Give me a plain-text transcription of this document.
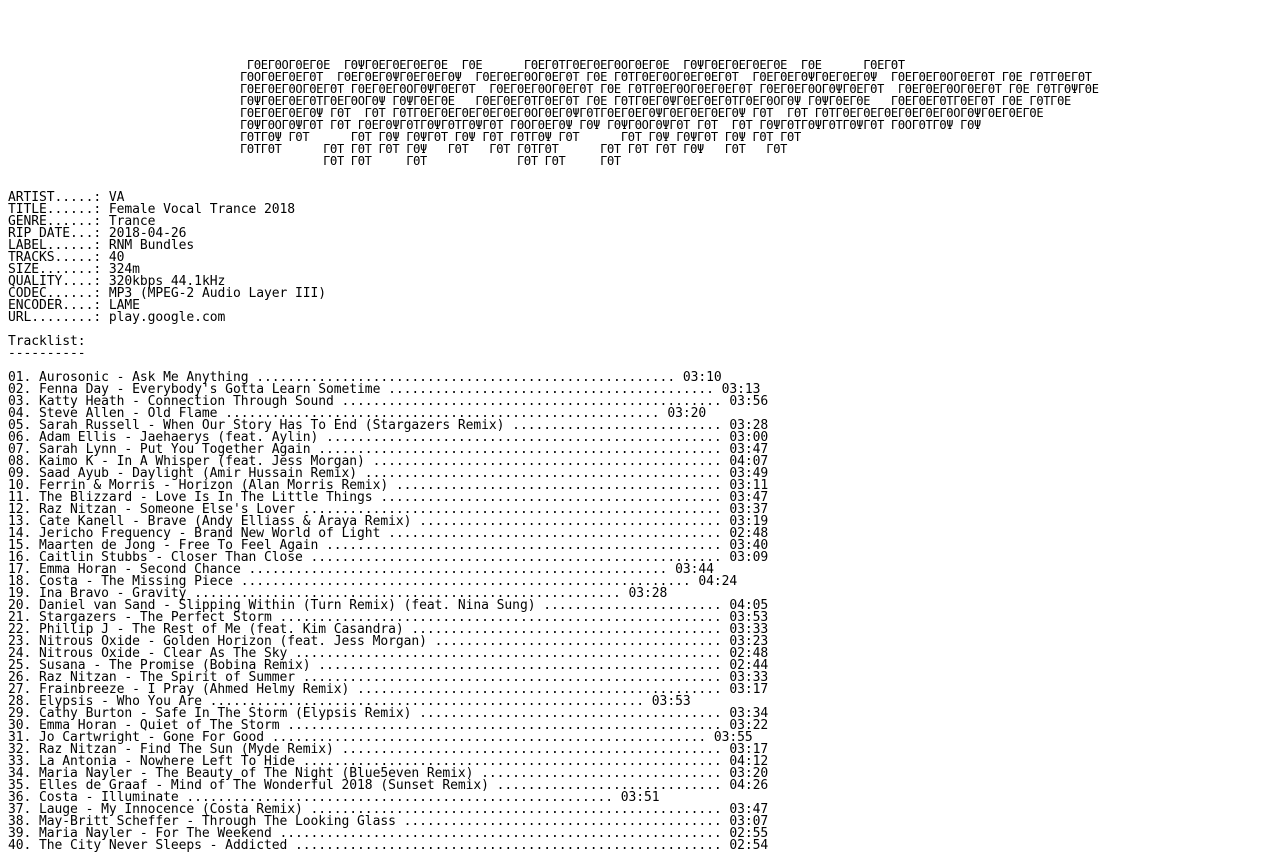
ΓΘΕΓΘΟΓΘΕΓΘΕ  ΓΘΨΓΘΕΓΘΕΓΘΕΓΘΕ  ΓΘΕ      ΓΘΕΓΘΤΓΘΕΓΘΕΓΘΟΓΘΕΓΘΕ  ΓΘΨΓΘΕΓΘΕΓΘΕΓΘΕ  ΓΘΕ      ΓΘΕΓΘΤ
ΓΘΟΓΘΕΓΘΕΓΘΤ  ΓΘΕΓΘΕΓΘΨΓΘΕΓΘΕΓΘΨ  ΓΘΕΓΘΕΓΘΟΓΘΕΓΘΤ ΓΘΕ ΓΘΤΓΘΕΓΘΟΓΘΕΓΘΕΓΘΤ  ΓΘΕΓΘΕΓΘΨΓΘΕΓΘΕΓΘΨ  ΓΘΕΓΘΕΓΘΟΓΘΕΓΘΤ ΓΘΕ ΓΘΤΓΘΕΓΘΤ
ΓΘΕΓΘΕΓΘΟΓΘΕΓΘΤ ΓΘΕΓΘΕΓΘΟΓΘΨΓΘΕΓΘΤ  ΓΘΕΓΘΕΓΘΟΓΘΕΓΘΤ ΓΘΕ ΓΘΤΓΘΕΓΘΟΓΘΕΓΘΕΓΘΤ ΓΘΕΓΘΕΓΘΟΓΘΨΓΘΕΓΘΤ  ΓΘΕΓΘΕΓΘΟΓΘΕΓΘΤ ΓΘΕ ΓΘΤΓΘΨΓΘΕ
ΓΘΨΓΘΕΓΘΕΓΘΤΓΘΕΓΘΟΓΘΨ ΓΘΨΓΘΕΓΘΕ   ΓΘΕΓΘΕΓΘΤΓΘΕΓΘΤ ΓΘΕ ΓΘΤΓΘΕΓΘΨΓΘΕΓΘΕΓΘΤΓΘΕΓΘΟΓΘΨ ΓΘΨΓΘΕΓΘΕ   ΓΘΕΓΘΕΓΘΤΓΘΕΓΘΤ ΓΘΕ ΓΘΤΓΘΕ
ΓΘΕΓΘΕΓΘΕΓΘΨ ΓΘΤ  ΓΘΤ ΓΘΤΓΘΕΓΘΕΓΘΕΓΘΕΓΘΕΓΘΟΓΘΕΓΘΨΓΘΤΓΘΕΓΘΕΓΘΨΓΘΕΓΘΕΓΘΕΓΘΨ ΓΘΤ  ΓΘΤ ΓΘΤΓΘΕΓΘΕΓΘΕΓΘΕΓΘΕΓΘΟΓΘΨΓΘΕΓΘΕΓΘΕ
ΓΘΨΓΘΟΓΘΨΓΘΤ ΓΘΤ ΓΘΕΓΘΨΓΘΤΓΘΨΓΘΤΓΘΨΓΘΤ ΓΘΟΓΘΕΓΘΨ ΓΘΨ ΓΘΨΓΘΟΓΘΨΓΘΤ ΓΘΤ  ΓΘΤ ΓΘΨΓΘΤΓΘΨΓΘΤΓΘΨΓΘΤ ΓΘΟΓΘΤΓΘΨ ΓΘΨ
ΓΘΤΓΘΨ ΓΘΤ      ΓΘΤ ΓΘΨ ΓΘΨΓΘΤ ΓΘΨ ΓΘΤ ΓΘΤΓΘΨ ΓΘΤ      ΓΘΤ ΓΘΨ ΓΘΨΓΘΤ ΓΘΨ ΓΘΤ ΓΘΤ
ΓΘΤΓΘΤ      ΓΘΤ ΓΘΤ ΓΘΤ ΓΘΨ   ΓΘΤ   ΓΘΤ ΓΘΤΓΘΤ      ΓΘΤ ΓΘΤ ΓΘΤ ΓΘΨ   ΓΘΤ   ΓΘΤ
ΓΘΤ ΓΘΤ     ΓΘΤ             ΓΘΤ ΓΘΤ     ΓΘΤ
ARTIST.....: VA
TITLE......: Female Vocal Trance 2018
GENRE......: Trance
RIP DATE...: 2018-04-26
LABEL......: RNM Bundles
TRACKS.....: 40
SIZE.......: 324m
QUALITY....: 320kbps 44.1kHz
CODEC......: MP3 (MPEG-2 Audio Layer III)
ENCODER....: LAME
URL........: play.google.com
Tracklist:
----------
01. Aurosonic - Ask Me Anything ...................................................... 03:10
02. Fenna Day - Everybody's Gotta Learn Sometime .......................................... 03:13
03. Katty Heath - Connection Through Sound ................................................. 03:56
04. Steve Allen - Old Flame ........................................................ 03:20
05. Sarah Russell - When Our Story Has To End (Stargazers Remix) ........................... 03:28
06. Adam Ellis - Jaehaerys (feat. Aylin) ................................................... 03:00
07. Sarah Lynn - Put You Together Again .................................................... 03:47
08. Kaimo K - In A Whisper (feat. Jess Morgan) ............................................. 04:07
09. Saad Ayub - Daylight (Amir Hussain Remix) .............................................. 03:49
10. Ferrin & Morris - Horizon (Alan Morris Remix) .......................................... 03:11
11. The Blizzard - Love Is In The Little Things ............................................ 03:47
12. Raz Nitzan - Someone Else's Lover ...................................................... 03:37
13. Cate Kanell - Brave (Andy Elliass & Araya Remix) ....................................... 03:19
14. Jericho Frequency - Brand New World of Light ........................................... 02:48
15. Maarten de Jong - Free To Feel Again ................................................... 03:40
16. Caitlin Stubbs - Closer Than Close ..................................................... 03:09
17. Emma Horan - Second Chance ...................................................... 03:44
18. Costa - The Missing Piece .......................................................... 04:24
19. Ina Bravo - Gravity ....................................................... 03:28
20. Daniel van Sand - Slipping Within (Turn Remix) (feat. Nina Sung) ....................... 04:05
21. Stargazers - The Perfect Storm ......................................................... 03:53
22. Phillip J - The Rest of Me (feat. Kim Casandra) ........................................ 03:33
23. Nitrous Oxide - Golden Horizon (feat. Jess Morgan) ..................................... 03:23
24. Nitrous Oxide - Clear As The Sky ....................................................... 02:48
25. Susana - The Promise (Bobina Remix) .................................................... 02:44
26. Raz Nitzan - The Spirit of Summer ...................................................... 03:33
27. Frainbreeze - I Pray (Ahmed Helmy Remix) ............................................... 03:17
28. Elypsis - Who You Are ........................................................ 03:53
29. Cathy Burton - Safe In The Storm (Elypsis Remix) ....................................... 03:34
30. Emma Horan - Quiet of The Storm ........................................................ 03:22
31. Jo Cartwright - Gone For Good ........................................................ 03:55
32. Raz Nitzan - Find The Sun (Myde Remix) ................................................. 03:17
33. La Antonia - Nowhere Left To Hide ...................................................... 04:12
34. Maria Nayler - The Beauty of The Night (Blue5even Remix) ............................... 03:20
35. Elles de Graaf - Mind of The Wonderful 2018 (Sunset Remix) ............................. 04:26
36. Costa - Illuminate ....................................................... 03:51
37. Lauge - My Innocence (Costa Remix) ..................................................... 03:47
38. May-Britt Scheffer - Through The Looking Glass ......................................... 03:07
39. Maria Nayler - For The Weekend ......................................................... 02:55
40. The City Never Sleeps - Addicted ....................................................... 02:54
